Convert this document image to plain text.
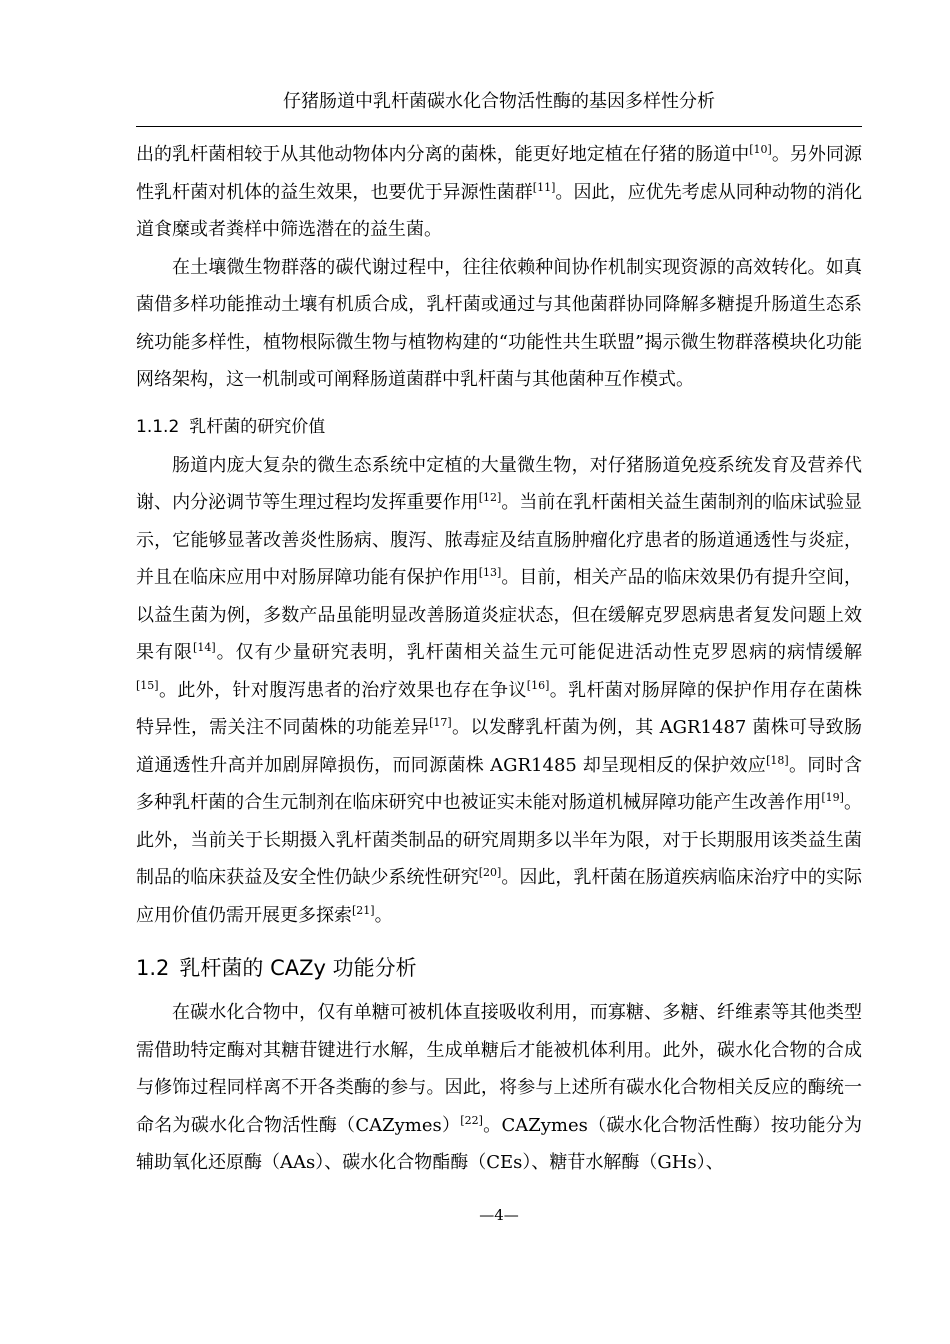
仔猪肠道中乳杆菌碳水化合物活性酶的基因多样性分析

出的乳杆菌相较于从其他动物体内分离的菌株，能更好地定植在仔猪的肠道中[10]。另外同源性乳杆菌对机体的益生效果，也要优于异源性菌群[11]。因此，应优先考虑从同种动物的消化道食糜或者粪样中筛选潜在的益生菌。

在土壤微生物群落的碳代谢过程中，往往依赖种间协作机制实现资源的高效转化。如真菌借多样功能推动土壤有机质合成，乳杆菌或通过与其他菌群协同降解多糖提升肠道生态系统功能多样性，植物根际微生物与植物构建的“功能性共生联盟”揭示微生物群落模块化功能网络架构，这一机制或可阐释肠道菌群中乳杆菌与其他菌种互作模式。

1.1.2 乳杆菌的研究价值

肠道内庞大复杂的微生态系统中定植的大量微生物，对仔猪肠道免疫系统发育及营养代谢、内分泌调节等生理过程均发挥重要作用[12]。当前在乳杆菌相关益生菌制剂的临床试验显示，它能够显著改善炎性肠病、腹泻、脓毒症及结直肠肿瘤化疗患者的肠道通透性与炎症，并且在临床应用中对肠屏障功能有保护作用[13]。目前，相关产品的临床效果仍有提升空间，以益生菌为例，多数产品虽能明显改善肠道炎症状态，但在缓解克罗恩病患者复发问题上效果有限[14]。仅有少量研究表明，乳杆菌相关益生元可能促进活动性克罗恩病的病情缓解[15]。此外，针对腹泻患者的治疗效果也存在争议[16]。乳杆菌对肠屏障的保护作用存在菌株特异性，需关注不同菌株的功能差异[17]。以发酵乳杆菌为例，其 AGR1487 菌株可导致肠道通透性升高并加剧屏障损伤，而同源菌株 AGR1485 却呈现相反的保护效应[18]。同时含多种乳杆菌的合生元制剂在临床研究中也被证实未能对肠道机械屏障功能产生改善作用[19]。此外，当前关于长期摄入乳杆菌类制品的研究周期多以半年为限，对于长期服用该类益生菌制品的临床获益及安全性仍缺少系统性研究[20]。因此，乳杆菌在肠道疾病临床治疗中的实际应用价值仍需开展更多探索[21]。

1.2 乳杆菌的 CAZy 功能分析

在碳水化合物中，仅有单糖可被机体直接吸收利用，而寡糖、多糖、纤维素等其他类型需借助特定酶对其糖苷键进行水解，生成单糖后才能被机体利用。此外，碳水化合物的合成与修饰过程同样离不开各类酶的参与。因此，将参与上述所有碳水化合物相关反应的酶统一命名为碳水化合物活性酶（CAZymes）[22]。CAZymes（碳水化合物活性酶）按功能分为辅助氧化还原酶（AAs）、碳水化合物酯酶（CEs）、糖苷水解酶（GHs）、

—4—
